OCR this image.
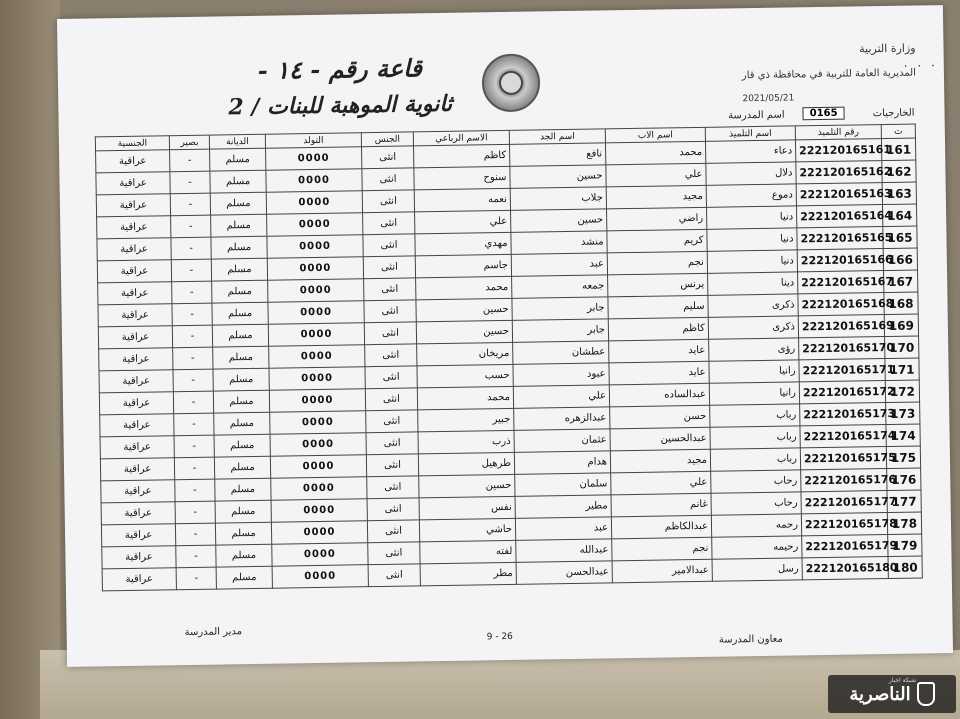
. . .
وزارة التربية
المديرية العامة للتربية في محافظة ذي قار
2021/05/21
قاعة رقم - ١٤ -
ثانوية الموهبة للبنات / 2	الخارجيات
0165
اسم المدرسة
ت	رقم التلميذ	اسم التلميذ	اسم الاب	اسم الجد	الاسم الرباعي	الجنس	التولد	الديانة	بصير	الجنسية
161	222120165161	دعاء	محمد	نافع	كاظم	انثى	0000	مسلم	-	عراقية
162	222120165162	دلال	علي	حسين	سنوح	انثى	0000	مسلم	-	عراقية
163	222120165163	دموع	مجيد	جلاب	نعمه	انثى	0000	مسلم	-	عراقية
164	222120165164	دنيا	راضي	حسين	علي	انثى	0000	مسلم	-	عراقية
165	222120165165	دنيا	كريم	منشد	مهدي	انثى	0000	مسلم	-	عراقية
166	222120165166	دنيا	نجم	عبد	جاسم	انثى	0000	مسلم	-	عراقية
167	222120165167	دينا	يرنس	جمعه	محمد	انثى	0000	مسلم	-	عراقية
168	222120165168	ذكرى	سليم	جابر	حسين	انثى	0000	مسلم	-	عراقية
169	222120165169	ذكرى	كاظم	جابر	حسين	انثى	0000	مسلم	-	عراقية
170	222120165170	رؤى	عايد	عطشان	مريخان	انثى	0000	مسلم	-	عراقية
171	222120165171	رانيا	عايد	عبود	حسب	انثى	0000	مسلم	-	عراقية
172	222120165172	رانيا	عبدالساده	علي	محمد	انثى	0000	مسلم	-	عراقية
173	222120165173	رباب	حسن	عبدالزهره	جبير	انثى	0000	مسلم	-	عراقية
174	222120165174	رباب	عبدالحسين	عثمان	ذرب	انثى	0000	مسلم	-	عراقية
175	222120165175	رباب	مجيد	هدام	طرهيل	انثى	0000	مسلم	-	عراقية
176	222120165176	رحاب	علي	سلمان	حسين	انثى	0000	مسلم	-	عراقية
177	222120165177	رحاب	غانم	مطير	نفس	انثى	0000	مسلم	-	عراقية
178	222120165178	رحمه	عبدالكاظم	عبد	حاشي	انثى	0000	مسلم	-	عراقية
179	222120165179	رحيمه	نجم	عبدالله	لفته	انثى	0000	مسلم	-	عراقية
180	222120165180	رسل	عبدالامير	عبدالحسن	مطر	انثى	0000	مسلم	-	عراقية
مدير المدرسة	9 - 26	معاون المدرسة
شبكة اخبار
الناصرية
